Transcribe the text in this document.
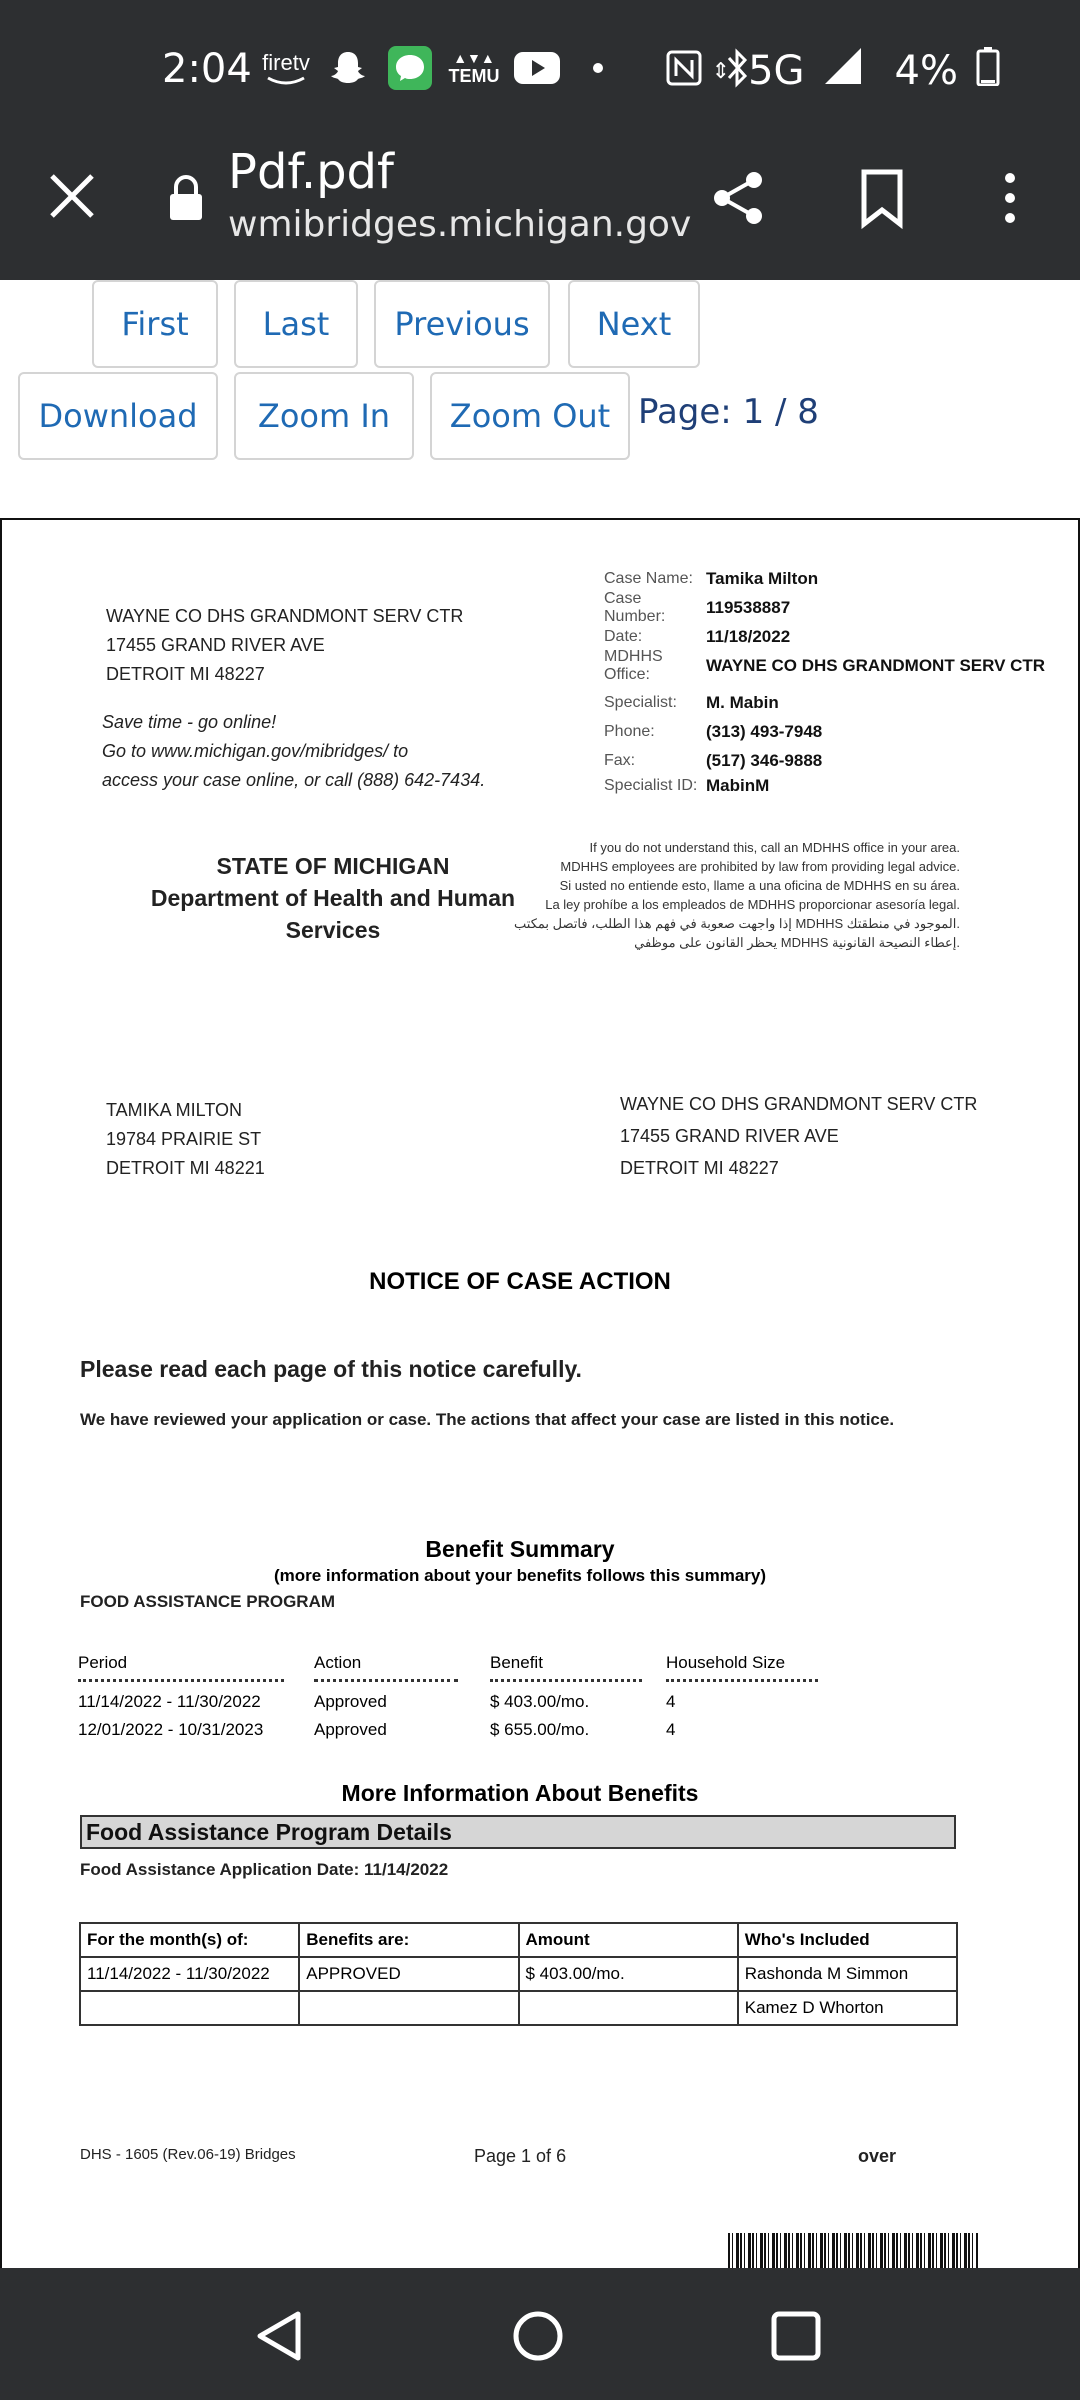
2:04 firetv	▲▼▲
TEMU	⇕ 5G 4%
Pdf.pdf
wmibridges.michigan.gov
First	Last	Previous	Next
Download	Zoom In	Zoom Out Page: 1 / 8
WAYNE CO DHS GRANDMONT SERV CTR
17455 GRAND RIVER AVE
DETROIT MI 48227
Save time - go online!
Go to www.michigan.gov/mibridges/ to
access your case online, or call (888) 642-7434.
Case Name: Tamika Milton
Case Number:	119538887
Date:	11/18/2022
MDHHS Office:	WAYNE CO DHS GRANDMONT SERV CTR
Specialist:	M. Mabin
Phone:	(313) 493-7948
Fax:	(517) 346-9888
Specialist ID: MabinM
STATE OF MICHIGAN
Department of Health and Human Services
If you do not understand this, call an MDHHS office in your area.
MDHHS employees are prohibited by law from providing legal advice.
Si usted no entiende esto, llame a una oficina de MDHHS en su área.
La ley prohíbe a los empleados de MDHHS proporcionar asesoría legal.
إذا واجهت صعوبة في فهم هذا الطلب، فاتصل بمكتب MDHHS الموجود في منطقتك.
يحظر القانون على موظفي MDHHS إعطاء النصيحة القانونية.
TAMIKA MILTON
19784 PRAIRIE ST
DETROIT MI 48221
WAYNE CO DHS GRANDMONT SERV CTR
17455 GRAND RIVER AVE
DETROIT MI 48227
NOTICE OF CASE ACTION
Please read each page of this notice carefully.
We have reviewed your application or case. The actions that affect your case are listed in this notice.
Benefit Summary
(more information about your benefits follows this summary)
FOOD ASSISTANCE PROGRAM
Period	Action	Benefit	Household Size
11/14/2022 - 11/30/2022	Approved	$ 403.00/mo.	4
12/01/2022 - 10/31/2023	Approved	$ 655.00/mo.	4
More Information About Benefits
Food Assistance Program Details
Food Assistance Application Date: 11/14/2022
For the month(s) of:	Benefits are:	Amount	Who's Included
11/14/2022 - 11/30/2022	APPROVED	$ 403.00/mo.	Rashonda M Simmon
			Kamez D Whorton
DHS - 1605 (Rev.06-19) Bridges	Page 1 of 6	over
